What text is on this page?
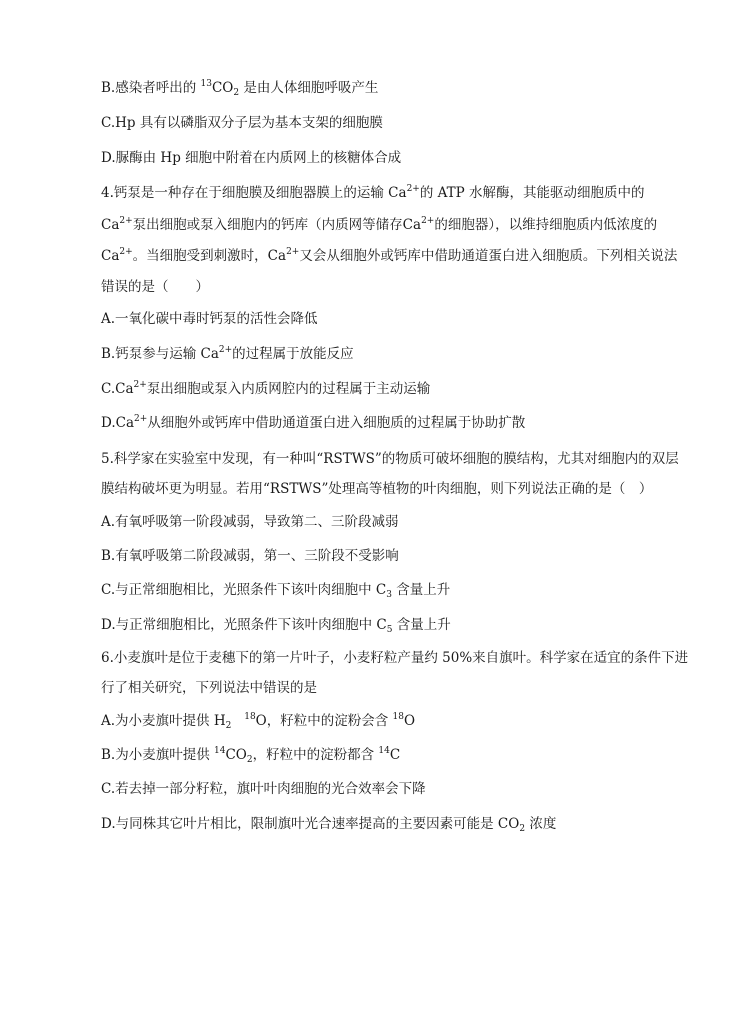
B.感染者呼出的 $^{13}CO_2$ 是由人体细胞呼吸产生
C.Hp 具有以磷脂双分子层为基本支架的细胞膜
D.脲酶由 Hp 细胞中附着在内质网上的核糖体合成
4.钙泵是一种存在于细胞膜及细胞器膜上的运输 $Ca^{2+}$的 ATP 水解酶，其能驱动细胞质中的
$Ca^{2+}$泵出细胞或泵入细胞内的钙库（内质网等储存$Ca^{2+}$的细胞器），以维持细胞质内低浓度的
$Ca^{2+}$。当细胞受到刺激时，$Ca^{2+}$又会从细胞外或钙库中借助通道蛋白进入细胞质。下列相关说法
错误的是（　　）
A.一氧化碳中毒时钙泵的活性会降低
B.钙泵参与运输 $Ca^{2+}$的过程属于放能反应
$C.Ca^{2+}$泵出细胞或泵入内质网腔内的过程属于主动运输
$D.Ca^{2+}$从细胞外或钙库中借助通道蛋白进入细胞质的过程属于协助扩散
5.科学家在实验室中发现，有一种叫“RSTWS”的物质可破坏细胞的膜结构，尤其对细胞内的双层
膜结构破坏更为明显。若用“RSTWS”处理高等植物的叶肉细胞，则下列说法正确的是（　）
A.有氧呼吸第一阶段减弱，导致第二、三阶段减弱
B.有氧呼吸第二阶段减弱，第一、三阶段不受影响
C.与正常细胞相比，光照条件下该叶肉细胞中 $C_3$ 含量上升
D.与正常细胞相比，光照条件下该叶肉细胞中 $C_5$ 含量上升
6.小麦旗叶是位于麦穗下的第一片叶子，小麦籽粒产量约 50%来自旗叶。科学家在适宜的条件下进
行了相关研究，下列说法中错误的是
A.为小麦旗叶提供 $H_2$   $^{18}$O，籽粒中的淀粉会含 $^{18}$O
B.为小麦旗叶提供 $^{14}CO_2$，籽粒中的淀粉都含 $^{14}$C
C.若去掉一部分籽粒，旗叶叶肉细胞的光合效率会下降
D.与同株其它叶片相比，限制旗叶光合速率提高的主要因素可能是 $CO_2$ 浓度
